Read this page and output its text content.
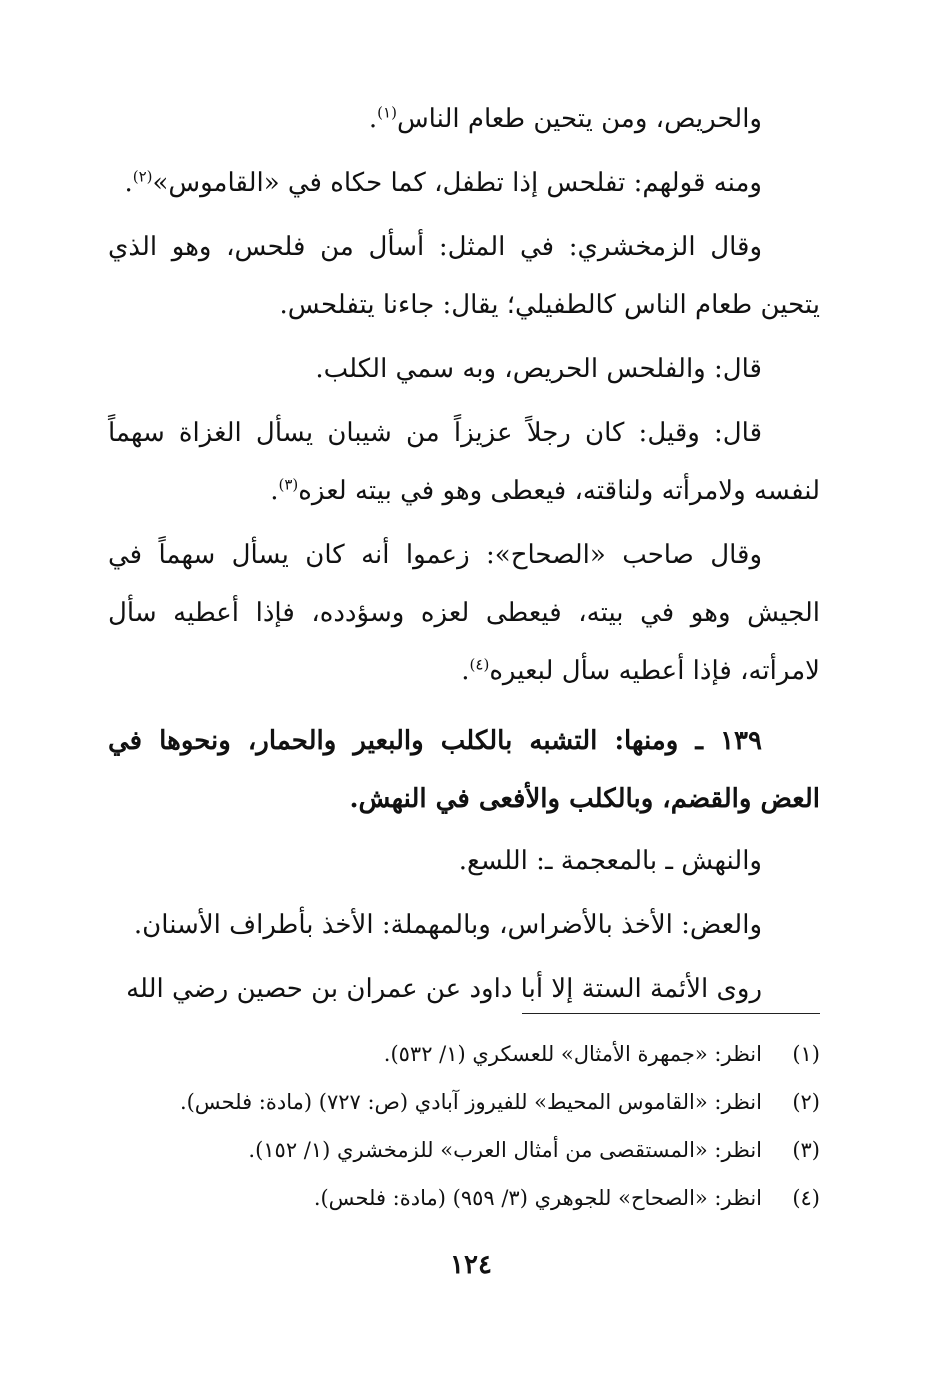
والحريص، ومن يتحين طعام الناس$^{(١)}$.

ومنه قولهم: تفلحس إذا تطفل، كما حكاه في «القاموس»$^{(٢)}$.

وقال الزمخشري: في المثل: أسأل من فلحس، وهو الذي يتحين طعام الناس كالطفيلي؛ يقال: جاءنا يتفلحس.

قال: والفلحس الحريص، وبه سمي الكلب.

قال: وقيل: كان رجلاً عزيزاً من شيبان يسأل الغزاة سهماً لنفسه ولامرأته ولناقته، فيعطى وهو في بيته لعزه$^{(٣)}$.

وقال صاحب «الصحاح»: زعموا أنه كان يسأل سهماً في الجيش وهو في بيته، فيعطى لعزه وسؤدده، فإذا أعطيه سأل لامرأته، فإذا أعطيه سأل لبعيره$^{(٤)}$.

١٣٩ ـ ومنها: التشبه بالكلب والبعير والحمار، ونحوها في العض والقضم، وبالكلب والأفعى في النهش.

والنهش ـ بالمعجمة ـ: اللسع.

والعض: الأخذ بالأضراس، وبالمهملة: الأخذ بأطراف الأسنان.

روى الأئمة الستة إلا أبا داود عن عمران بن حصين رضي الله

(١)
انظر: «جمهرة الأمثال» للعسكري (١/ ٥٣٢).
(٢)
انظر: «القاموس المحيط» للفيروز آبادي (ص: ٧٢٧) (مادة: فلحس).
(٣)
انظر: «المستقصى من أمثال العرب» للزمخشري (١/ ١٥٢).
(٤)
انظر: «الصحاح» للجوهري (٣/ ٩٥٩) (مادة: فلحس).
١٢٤
